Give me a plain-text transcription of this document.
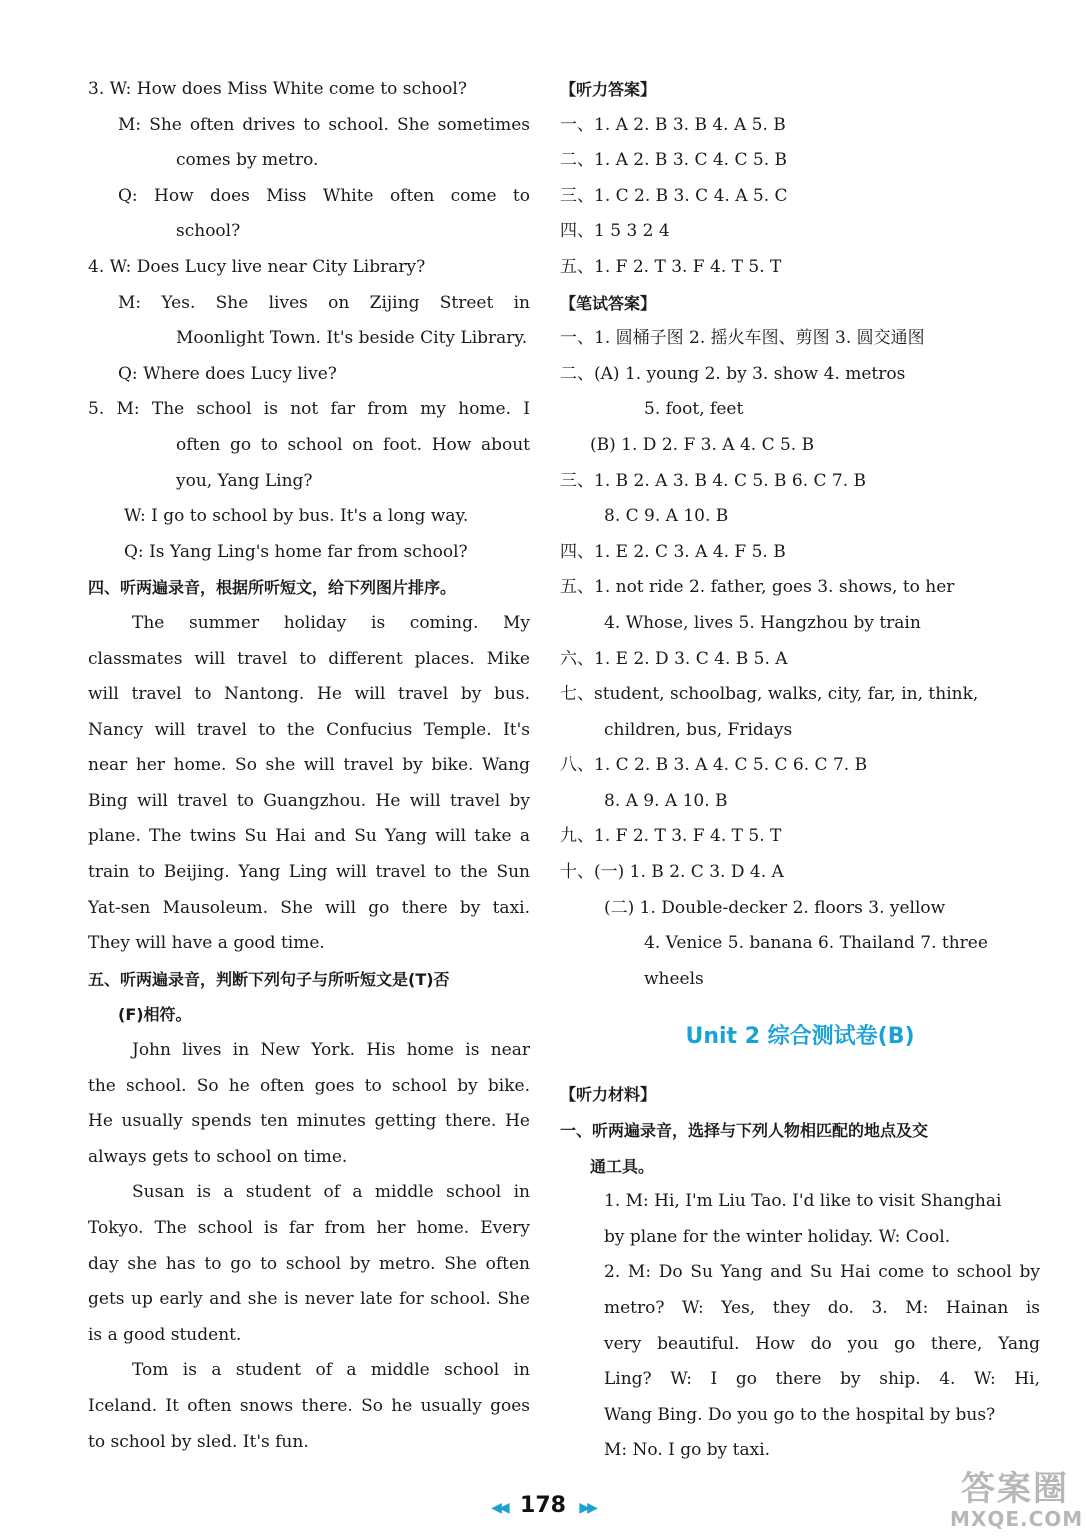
3. W: How does Miss White come to school?
M: She often drives to school. She sometimes
comes by metro.
Q: How does Miss White often come to
school?
4. W: Does Lucy live near City Library?
M: Yes. She lives on Zijing Street in
Moonlight Town. It's beside City Library.
Q: Where does Lucy live?
5. M: The school is not far from my home. I
often go to school on foot. How about
you, Yang Ling?
W: I go to school by bus. It's a long way.
Q: Is Yang Ling's home far from school?
四、听两遍录音，根据所听短文，给下列图片排序。
The summer holiday is coming. My
classmates will travel to different places. Mike
will travel to Nantong. He will travel by bus.
Nancy will travel to the Confucius Temple. It's
near her home. So she will travel by bike. Wang
Bing will travel to Guangzhou. He will travel by
plane. The twins Su Hai and Su Yang will take a
train to Beijing. Yang Ling will travel to the Sun
Yat-sen Mausoleum. She will go there by taxi.
They will have a good time.
五、听两遍录音，判断下列句子与所听短文是(T)否
(F)相符。
John lives in New York. His home is near
the school. So he often goes to school by bike.
He usually spends ten minutes getting there. He
always gets to school on time.
Susan is a student of a middle school in
Tokyo. The school is far from her home. Every
day she has to go to school by metro. She often
gets up early and she is never late for school. She
is a good student.
Tom is a student of a middle school in
Iceland. It often snows there. So he usually goes
to school by sled. It's fun.
【听力答案】
一、1. A 2. B 3. B 4. A 5. B
二、1. A 2. B 3. C 4. C 5. B
三、1. C 2. B 3. C 4. A 5. C
四、1 5 3 2 4
五、1. F 2. T 3. F 4. T 5. T
【笔试答案】
一、1. 圆桶子图 2. 摇火车图、剪图 3. 圆交通图
二、(A) 1. young 2. by 3. show 4. metros
5. foot, feet
(B) 1. D 2. F 3. A 4. C 5. B
三、1. B 2. A 3. B 4. C 5. B 6. C 7. B
8. C 9. A 10. B
四、1. E 2. C 3. A 4. F 5. B
五、1. not ride 2. father, goes 3. shows, to her
4. Whose, lives 5. Hangzhou by train
六、1. E 2. D 3. C 4. B 5. A
七、student, schoolbag, walks, city, far, in, think,
children, bus, Fridays
八、1. C 2. B 3. A 4. C 5. C 6. C 7. B
8. A 9. A 10. B
九、1. F 2. T 3. F 4. T 5. T
十、(一) 1. B 2. C 3. D 4. A
(二) 1. Double-decker 2. floors 3. yellow
4. Venice 5. banana 6. Thailand 7. three
wheels
Unit 2 综合测试卷(B)
【听力材料】
一、听两遍录音，选择与下列人物相匹配的地点及交
通工具。
1. M: Hi, I'm Liu Tao. I'd like to visit Shanghai
by plane for the winter holiday. W: Cool.
2. M: Do Su Yang and Su Hai come to school by
metro? W: Yes, they do. 3. M: Hainan is
very beautiful. How do you go there, Yang
Ling? W: I go there by ship. 4. W: Hi,
Wang Bing. Do you go to the hospital by bus?
M: No. I go by taxi.
◀◀ 178 ▶▶	答案圈
MXQE.COM
